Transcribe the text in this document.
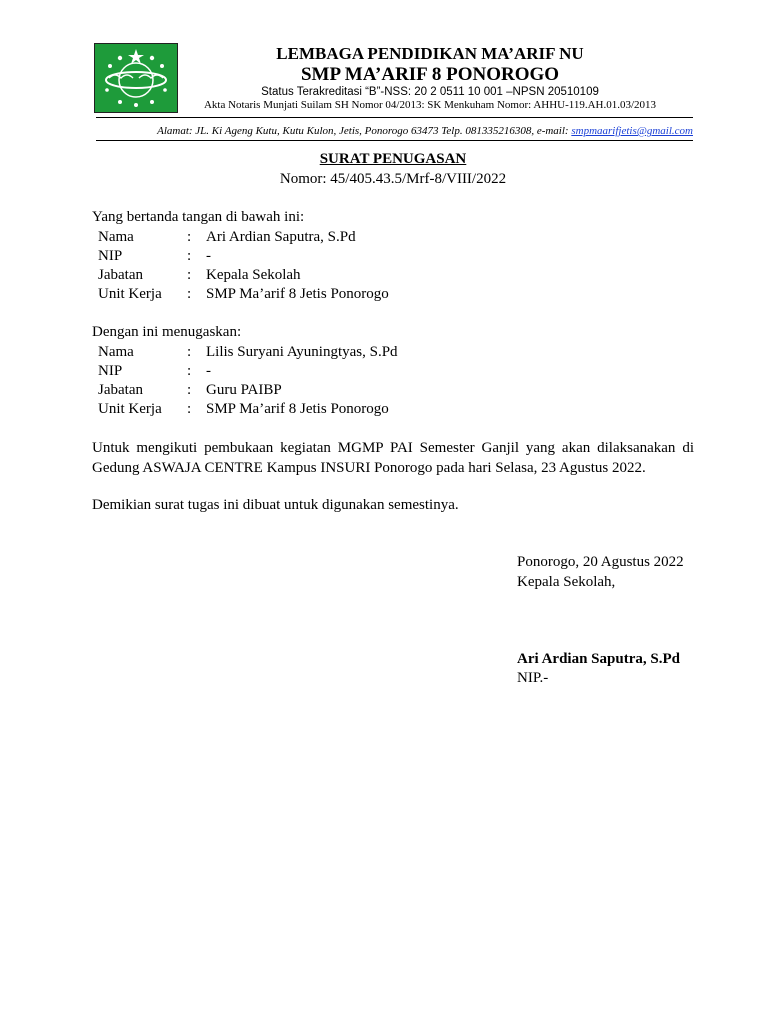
LEMBAGA PENDIDIKAN MA’ARIF NU
SMP MA’ARIF 8 PONOROGO
Status Terakreditasi “B”-NSS: 20 2 0511 10 001 –NPSN 20510109
Akta Notaris Munjati Suilam SH Nomor 04/2013: SK Menkuham Nomor: AHHU-119.AH.01.03/2013
Alamat: JL. Ki Ageng Kutu, Kutu Kulon, Jetis, Ponorogo 63473 Telp. 081335216308, e-mail: smpmaarifjetis@gmail.com
SURAT PENUGASAN
Nomor: 45/405.43.5/Mrf-8/VIII/2022
Yang bertanda tangan di bawah ini:
Nama	: Ari Ardian Saputra, S.Pd
NIP	: -
Jabatan	: Kepala Sekolah
Unit Kerja : SMP Ma’arif 8 Jetis Ponorogo
Dengan ini menugaskan:
Nama	: Lilis Suryani Ayuningtyas, S.Pd
NIP	: -
Jabatan	: Guru PAIBP
Unit Kerja : SMP Ma’arif 8 Jetis Ponorogo
Untuk mengikuti pembukaan kegiatan MGMP PAI Semester Ganjil yang akan dilaksanakan di Gedung ASWAJA CENTRE Kampus INSURI Ponorogo pada hari Selasa, 23 Agustus 2022.
Demikian surat tugas ini dibuat untuk digunakan semestinya.
Ponorogo, 20 Agustus 2022
Kepala Sekolah,
Ari Ardian Saputra, S.Pd
NIP.-
